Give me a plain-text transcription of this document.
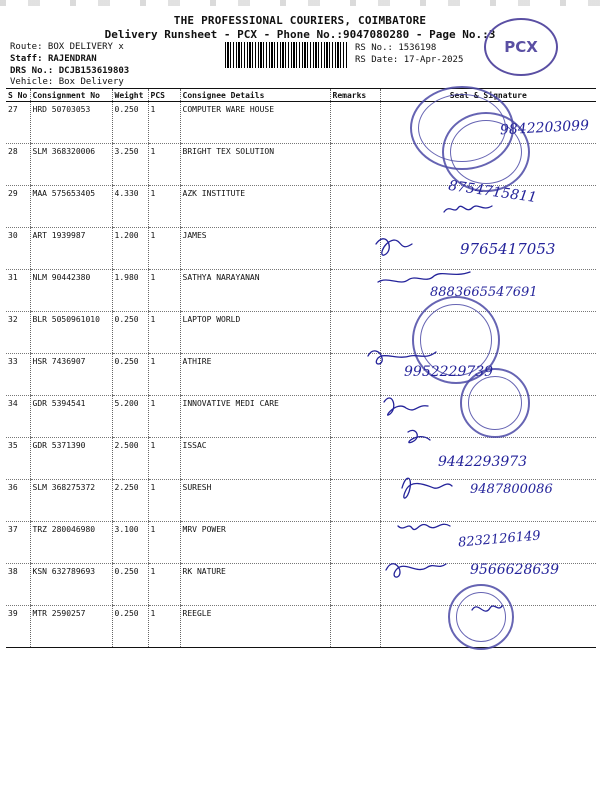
THE PROFESSIONAL COURIERS, COIMBATORE
Delivery Runsheet - PCX - Phone No.:9047080280 - Page No.:3
Route: BOX DELIVERY x
Staff: RAJENDRAN
DRS No.: DCJB153619803
Vehicle: Box Delivery
RS No.: 1536198
RS Date: 17-Apr-2025
PCX
S No	Consignment No	Weight	PCS	Consignee Details	Remarks	Seal & Signature
27	HRD 50703053	0.250	1	COMPUTER WARE HOUSE		
28	SLM 368320006	3.250	1	BRIGHT TEX SOLUTION		
29	MAA 575653405	4.330	1	AZK INSTITUTE		
30	ART 1939987	1.200	1	JAMES		
31	NLM 90442380	1.980	1	SATHYA NARAYANAN		
32	BLR 5050961010	0.250	1	LAPTOP WORLD		
33	HSR 7436907	0.250	1	ATHIRE		
34	GDR 5394541	5.200	1	INNOVATIVE MEDI CARE		
35	GDR 5371390	2.500	1	ISSAC		
36	SLM 368275372	2.250	1	SURESH		
37	TRZ 280046980	3.100	1	MRV POWER		
38	KSN 632789693	0.250	1	RK NATURE		
39	MTR 2590257	0.250	1	REEGLE		
9842203099
8754715811
9765417053
8883665547691
9952229739
9442293973
9487800086
8232126149
9566628639
